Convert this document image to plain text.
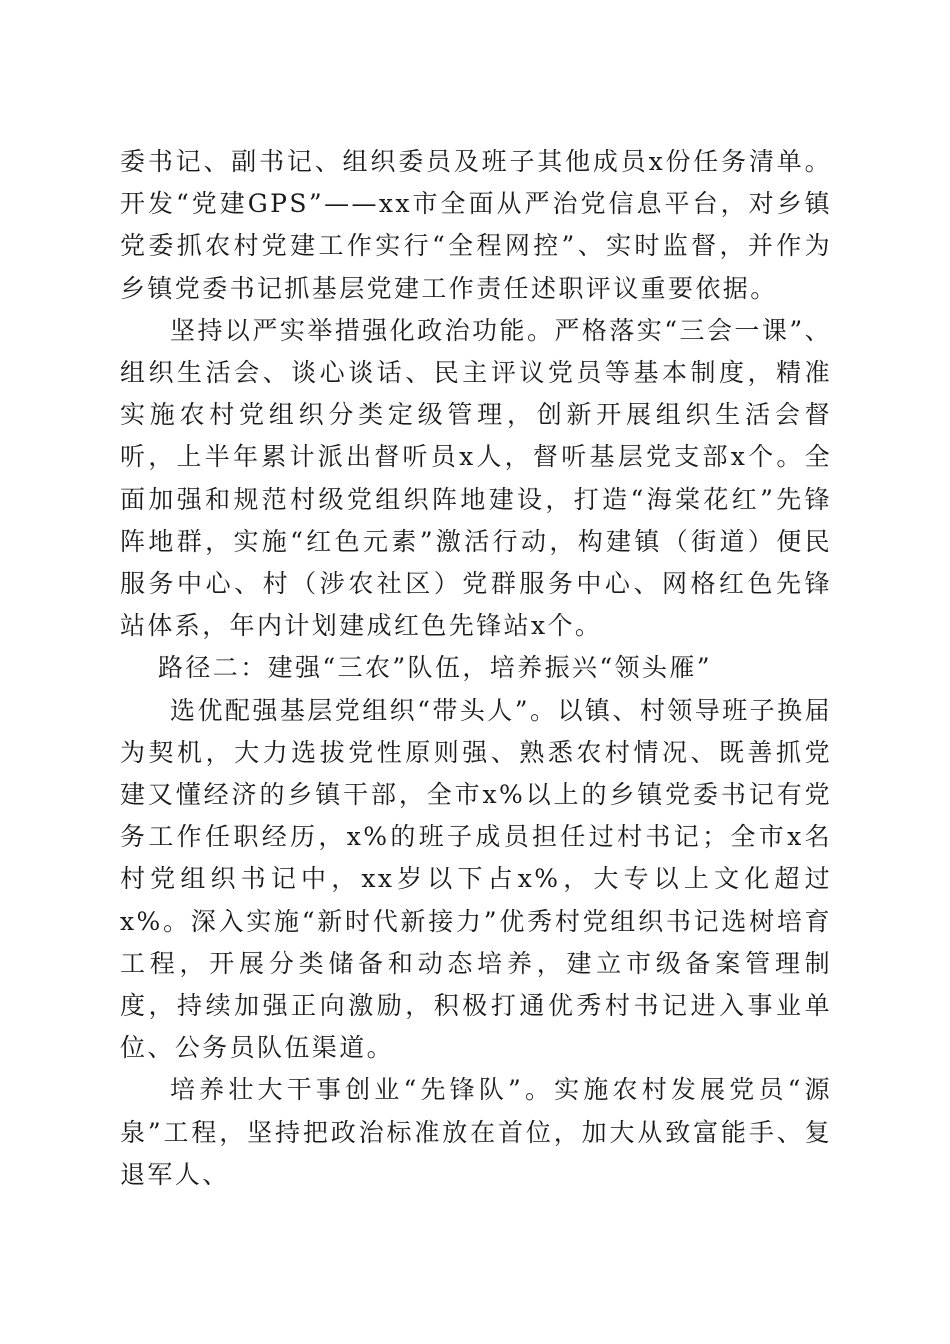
委书记、副书记、组织委员及班子其他成员x份任务清单。开发“党建GPS”——xx市全面从严治党信息平台，对乡镇党委抓农村党建工作实行“全程网控”、实时监督，并作为乡镇党委书记抓基层党建工作责任述职评议重要依据。

坚持以严实举措强化政治功能。严格落实“三会一课”、组织生活会、谈心谈话、民主评议党员等基本制度，精准实施农村党组织分类定级管理，创新开展组织生活会督听，上半年累计派出督听员x人，督听基层党支部x个。全面加强和规范村级党组织阵地建设，打造“海棠花红”先锋阵地群，实施“红色元素”激活行动，构建镇（街道）便民服务中心、村（涉农社区）党群服务中心、网格红色先锋站体系，年内计划建成红色先锋站x个。

路径二：建强“三农”队伍，培养振兴“领头雁”

选优配强基层党组织“带头人”。以镇、村领导班子换届为契机，大力选拔党性原则强、熟悉农村情况、既善抓党建又懂经济的乡镇干部，全市x%以上的乡镇党委书记有党务工作任职经历，x%的班子成员担任过村书记；全市x名村党组织书记中，xx岁以下占x%，大专以上文化超过x%。深入实施“新时代新接力”优秀村党组织书记选树培育工程，开展分类储备和动态培养，建立市级备案管理制度，持续加强正向激励，积极打通优秀村书记进入事业单位、公务员队伍渠道。

培养壮大干事创业“先锋队”。实施农村发展党员“源泉”工程，坚持把政治标准放在首位，加大从致富能手、复退军人、
